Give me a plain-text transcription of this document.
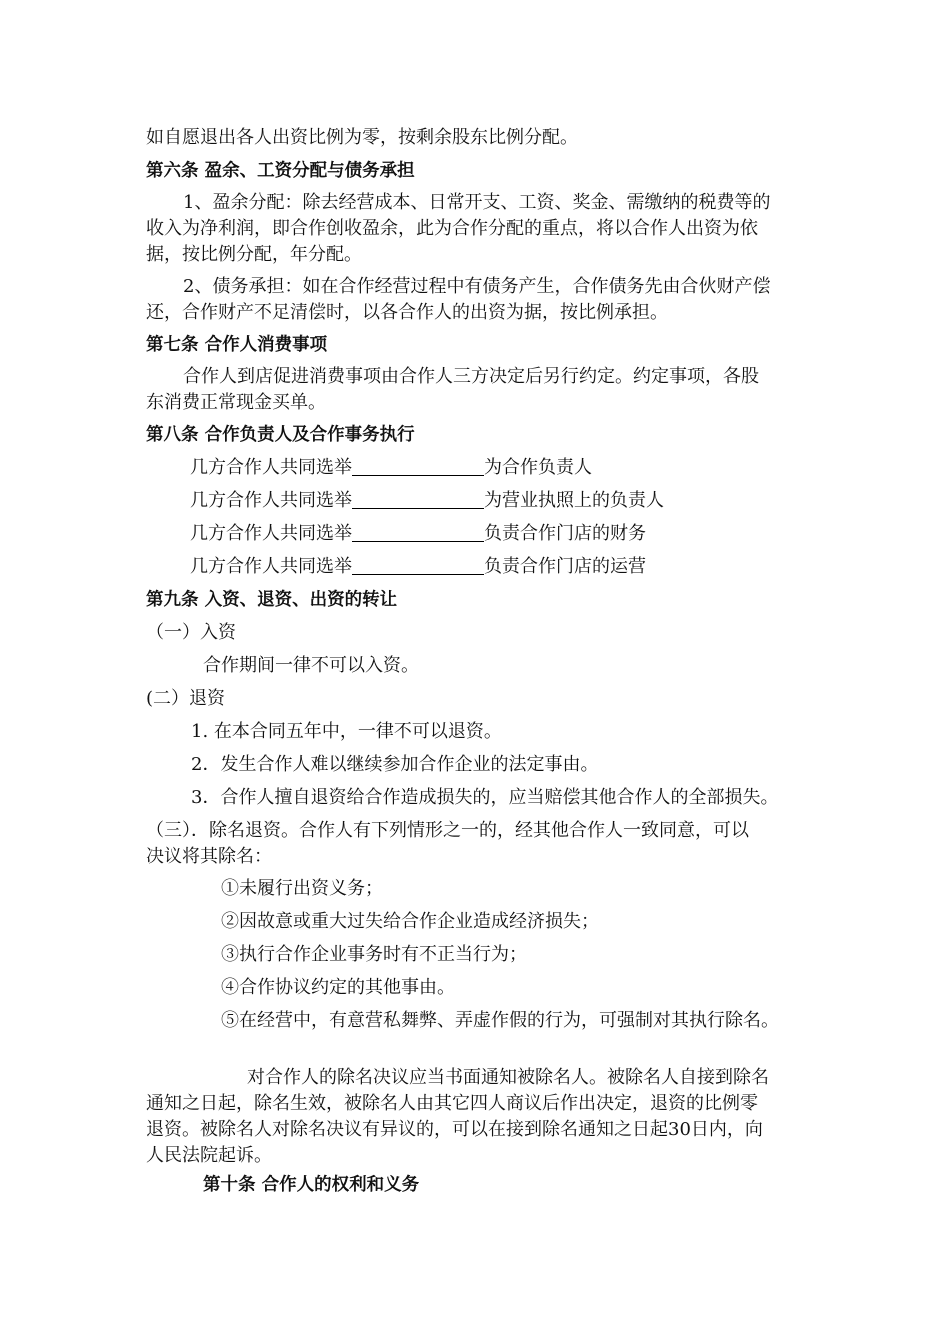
如自愿退出各人出资比例为零，按剩余股东比例分配。
第六条 盈余、工资分配与债务承担
1、盈余分配：除去经营成本、日常开支、工资、奖金、需缴纳的税费等的
收入为净利润，即合作创收盈余，此为合作分配的重点，将以合作人出资为依
据，按比例分配，年分配。
2、债务承担：如在合作经营过程中有债务产生，合作债务先由合伙财产偿
还，合作财产不足清偿时，以各合作人的出资为据，按比例承担。
第七条 合作人消费事项
合作人到店促进消费事项由合作人三方决定后另行约定。约定事项，各股
东消费正常现金买单。
第八条 合作负责人及合作事务执行
几方合作人共同选举	为合作负责人
几方合作人共同选举	为营业执照上的负责人
几方合作人共同选举	负责合作门店的财务
几方合作人共同选举	负责合作门店的运营
第九条 入资、退资、出资的转让
（一）入资
合作期间一律不可以入资。
(二）退资
1. 在本合同五年中，一律不可以退资。
2．发生合作人难以继续参加合作企业的法定事由。
3．合作人擅自退资给合作造成损失的，应当赔偿其他合作人的全部损失。
（三）．除名退资。合作人有下列情形之一的，经其他合作人一致同意，可以
决议将其除名：
①未履行出资义务；
②因故意或重大过失给合作企业造成经济损失；
③执行合作企业事务时有不正当行为；
④合作协议约定的其他事由。
⑤在经营中，有意营私舞弊、弄虚作假的行为，可强制对其执行除名。
对合作人的除名决议应当书面通知被除名人。被除名人自接到除名
通知之日起，除名生效，被除名人由其它四人商议后作出决定，退资的比例零
退资。被除名人对除名决议有异议的，可以在接到除名通知之日起30日内，向
人民法院起诉。
第十条 合作人的权利和义务
